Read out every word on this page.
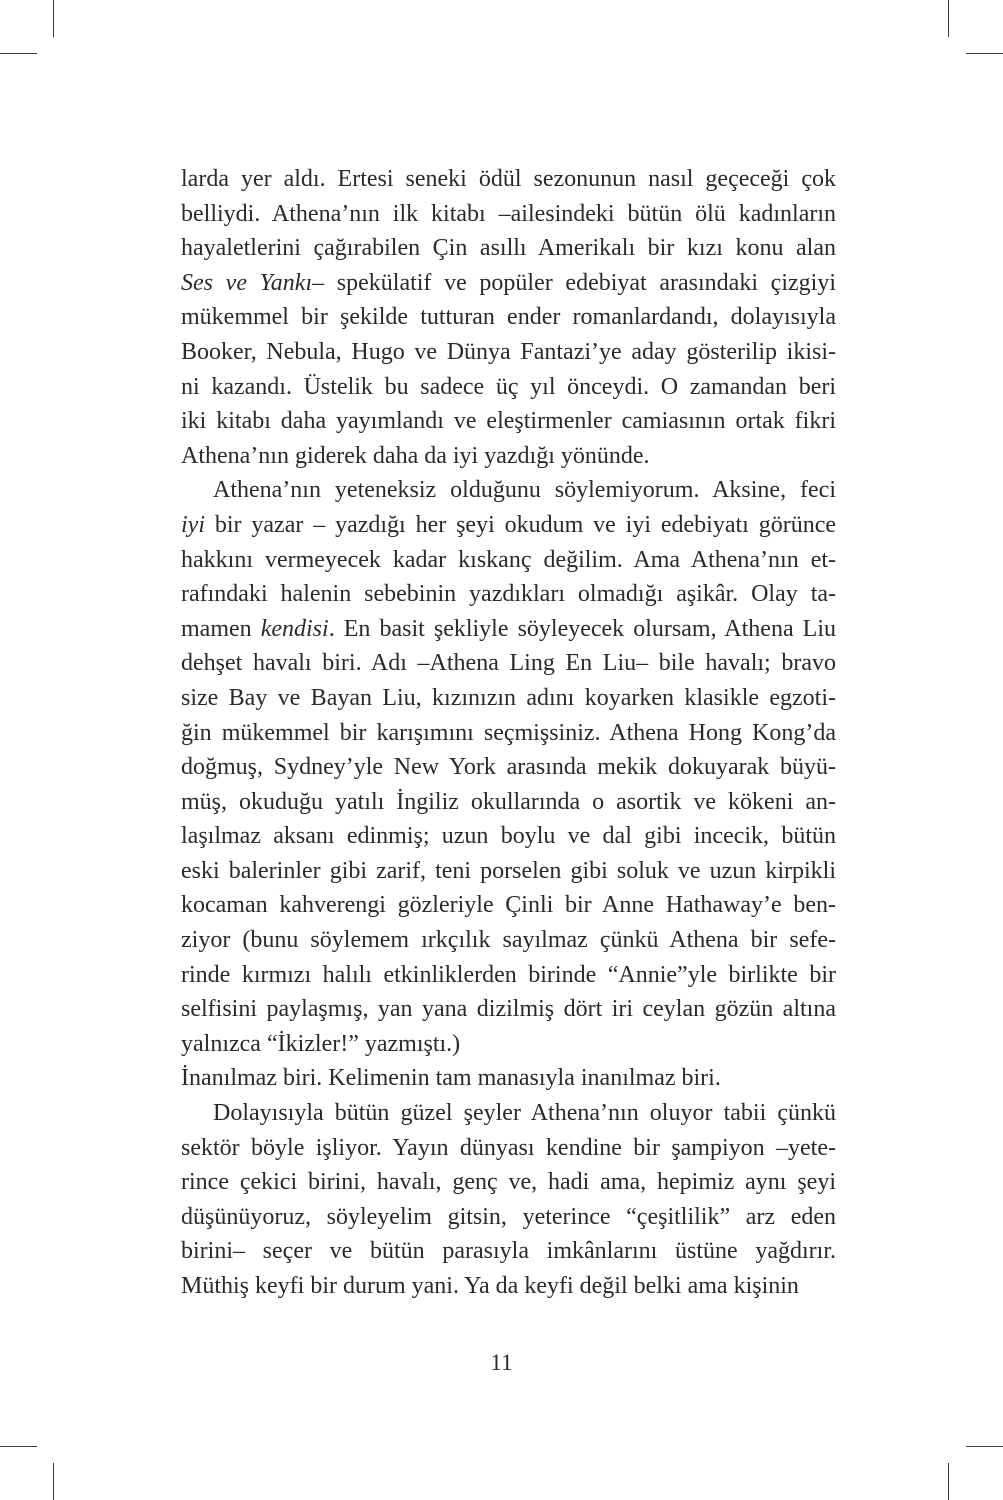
larda yer aldı. Ertesi seneki ödül sezonunun nasıl geçeceği çok
belliydi. Athena’nın ilk kitabı –ailesindeki bütün ölü kadınların
hayaletlerini çağırabilen Çin asıllı Amerikalı bir kızı konu alan
Ses ve Yankı– spekülatif ve popüler edebiyat arasındaki çizgiyi
mükemmel bir şekilde tutturan ender romanlardandı, dolayısıyla
Booker, Nebula, Hugo ve Dünya Fantazi’ye aday gösterilip ikisi-
ni kazandı. Üstelik bu sadece üç yıl önceydi. O zamandan beri
iki kitabı daha yayımlandı ve eleştirmenler camiasının ortak fikri
Athena’nın giderek daha da iyi yazdığı yönünde.
Athena’nın yeteneksiz olduğunu söylemiyorum. Aksine, feci
iyi bir yazar – yazdığı her şeyi okudum ve iyi edebiyatı görünce
hakkını vermeyecek kadar kıskanç değilim. Ama Athena’nın et-
rafındaki halenin sebebinin yazdıkları olmadığı aşikâr. Olay ta-
mamen kendisi. En basit şekliyle söyleyecek olursam, Athena Liu
dehşet havalı biri. Adı –Athena Ling En Liu– bile havalı; bravo
size Bay ve Bayan Liu, kızınızın adını koyarken klasikle egzoti-
ğin mükemmel bir karışımını seçmişsiniz. Athena Hong Kong’da
doğmuş, Sydney’yle New York arasında mekik dokuyarak büyü-
müş, okuduğu yatılı İngiliz okullarında o asortik ve kökeni an-
laşılmaz aksanı edinmiş; uzun boylu ve dal gibi incecik, bütün
eski balerinler gibi zarif, teni porselen gibi soluk ve uzun kirpikli
kocaman kahverengi gözleriyle Çinli bir Anne Hathaway’e ben-
ziyor (bunu söylemem ırkçılık sayılmaz çünkü Athena bir sefe-
rinde kırmızı halılı etkinliklerden birinde “Annie”yle birlikte bir
selfisini paylaşmış, yan yana dizilmiş dört iri ceylan gözün altına
yalnızca “İkizler!” yazmıştı.)
İnanılmaz biri. Kelimenin tam manasıyla inanılmaz biri.
Dolayısıyla bütün güzel şeyler Athena’nın oluyor tabii çünkü
sektör böyle işliyor. Yayın dünyası kendine bir şampiyon –yete-
rince çekici birini, havalı, genç ve, hadi ama, hepimiz aynı şeyi
düşünüyoruz, söyleyelim gitsin, yeterince “çeşitlilik” arz eden
birini– seçer ve bütün parasıyla imkânlarını üstüne yağdırır.
Müthiş keyfi bir durum yani. Ya da keyfi değil belki ama kişinin
11
